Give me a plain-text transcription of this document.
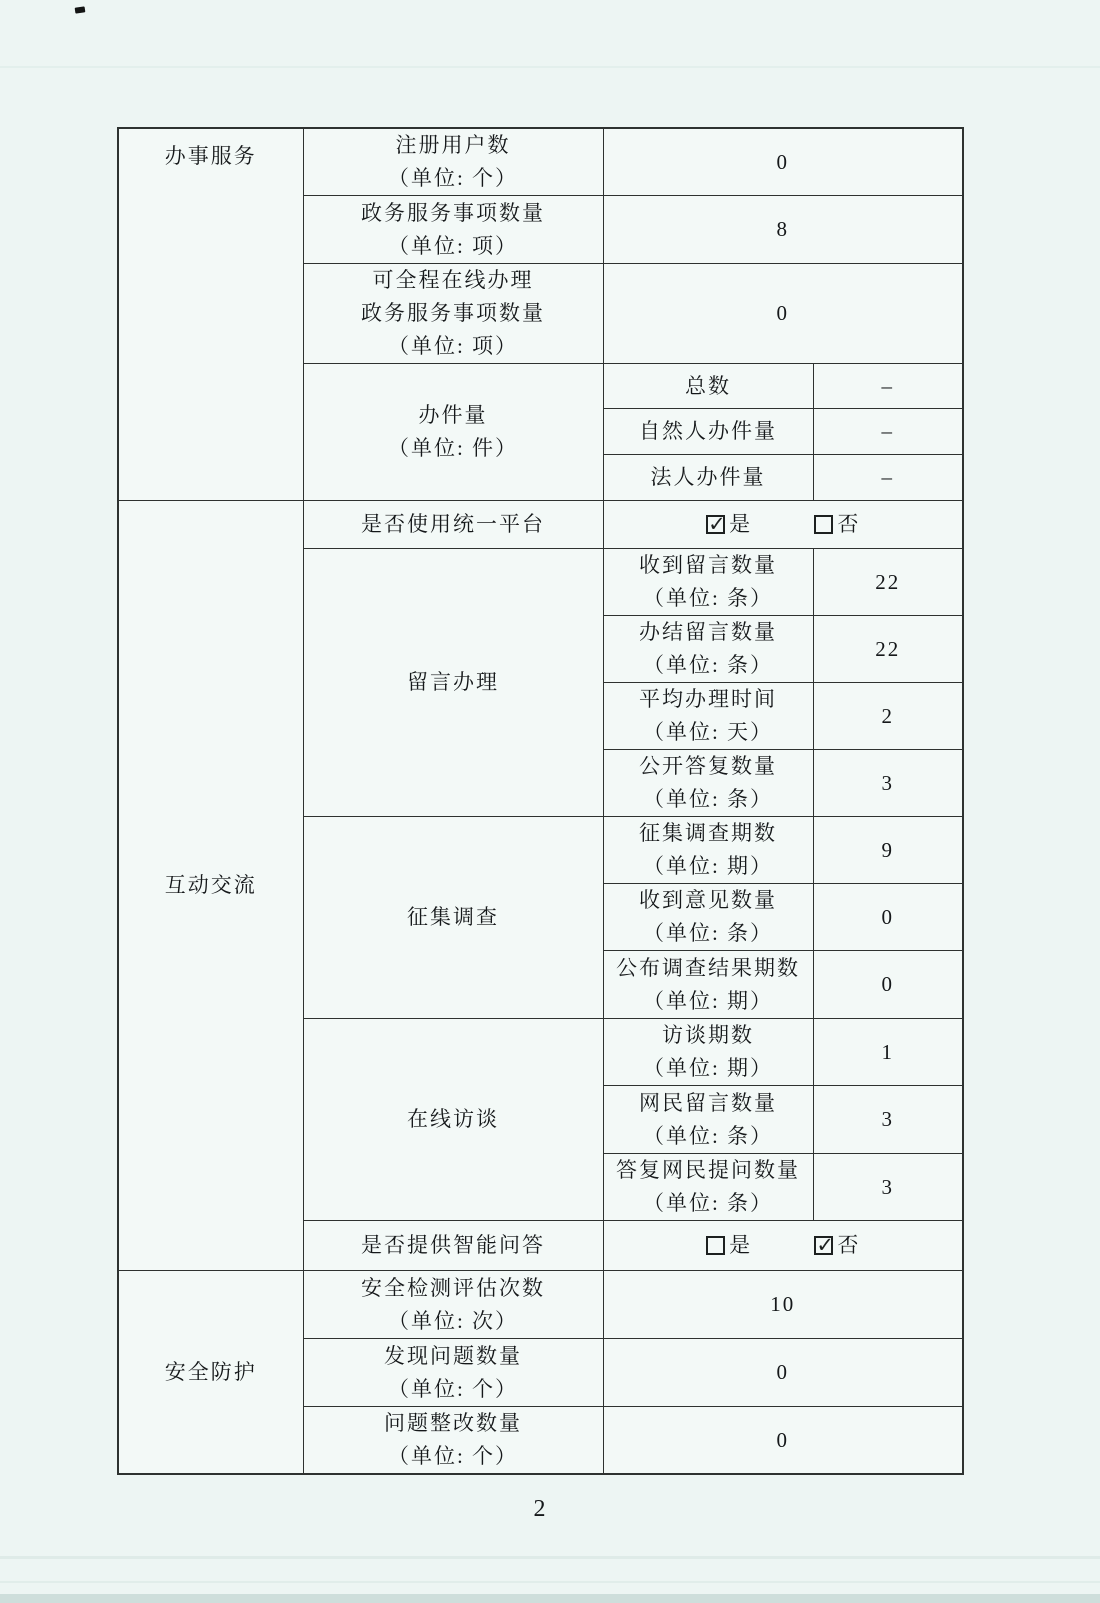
办事服务	注册用户数
（单位: 个）	0	

	政务服务事项数量
（单位: 项）	8	

	可全程在线办理
政务服务事项数量
（单位: 项）	0	

	办件量
（单位: 件）	总数	–
		自然人办件量	–
		法人办件量	–
互动交流	是否使用统一平台	✓ 是 否	
	留言办理	收到留言数量
（单位: 条）	22

		办结留言数量
（单位: 条）	22

		平均办理时间
（单位: 天）	2

		公开答复数量
（单位: 条）	3
	征集调查	征集调查期数
（单位: 期）	9

		收到意见数量
（单位: 条）	0

		公布调查结果期数
（单位: 期）	0
	在线访谈	访谈期数
（单位: 期）	1

		网民留言数量
（单位: 条）	3

		答复网民提问数量
（单位: 条）	3
	是否提供智能问答	是 ✓ 否	
安全防护	安全检测评估次数
（单位: 次）	10	

	发现问题数量
（单位: 个）	0	

	问题整改数量
（单位: 个）	0	
2
